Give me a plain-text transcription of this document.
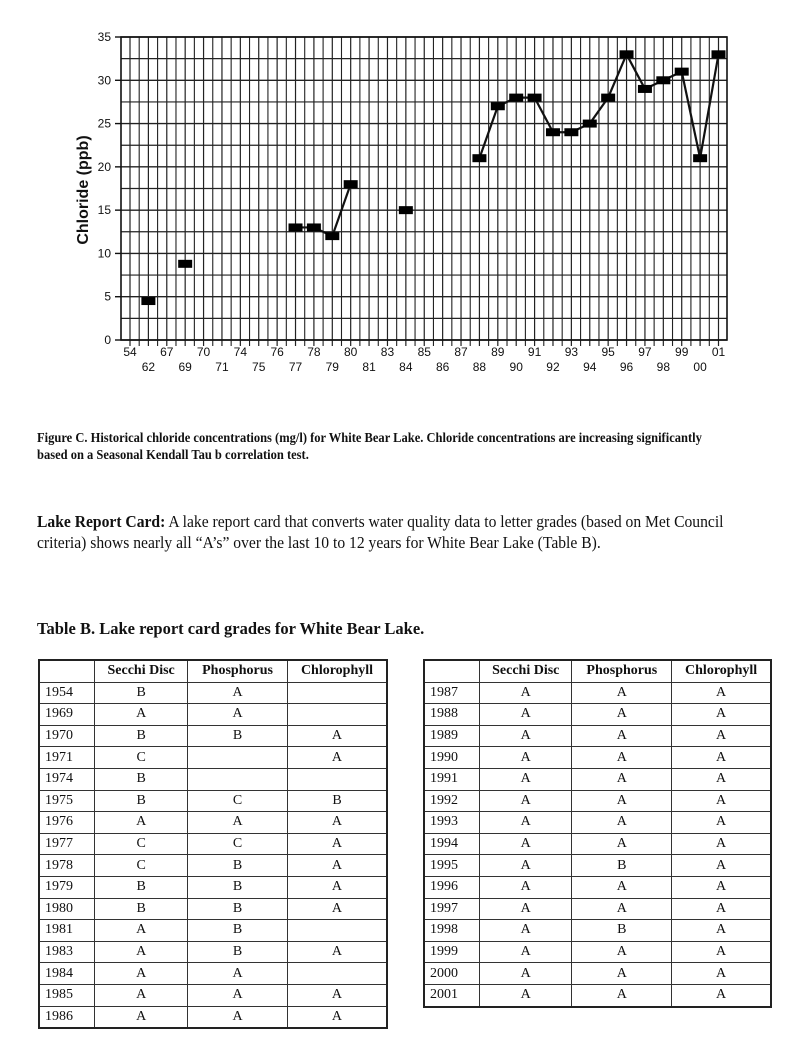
0
5
10
15
20
25
30
35
Chloride (ppb)
54
62
67
69
70
71
74
75
76
77
78
79
80
81
83
84
85
86
87
88
89
90
91
92
93
94
95
96
97
98
99
00
01
Figure C. Historical chloride concentrations (mg/l) for White Bear Lake. Chloride concentrations are increasing significantly based on a Seasonal Kendall Tau b correlation test.
Lake Report Card: A lake report card that converts water quality data to letter grades (based on Met Council criteria) shows nearly all “A’s” over the last 10 to 12 years for White Bear Lake (Table B).
Table B. Lake report card grades for White Bear Lake.
	Secchi Disc	Phosphorus	Chlorophyll
1954	B	A	
1969	A	A	
1970	B	B	A
1971	C		A
1974	B		
1975	B	C	B
1976	A	A	A
1977	C	C	A
1978	C	B	A
1979	B	B	A
1980	B	B	A
1981	A	B	
1983	A	B	A
1984	A	A	
1985	A	A	A
1986	A	A	A
	Secchi Disc	Phosphorus	Chlorophyll
1987	A	A	A
1988	A	A	A
1989	A	A	A
1990	A	A	A
1991	A	A	A
1992	A	A	A
1993	A	A	A
1994	A	A	A
1995	A	B	A
1996	A	A	A
1997	A	A	A
1998	A	B	A
1999	A	A	A
2000	A	A	A
2001	A	A	A
